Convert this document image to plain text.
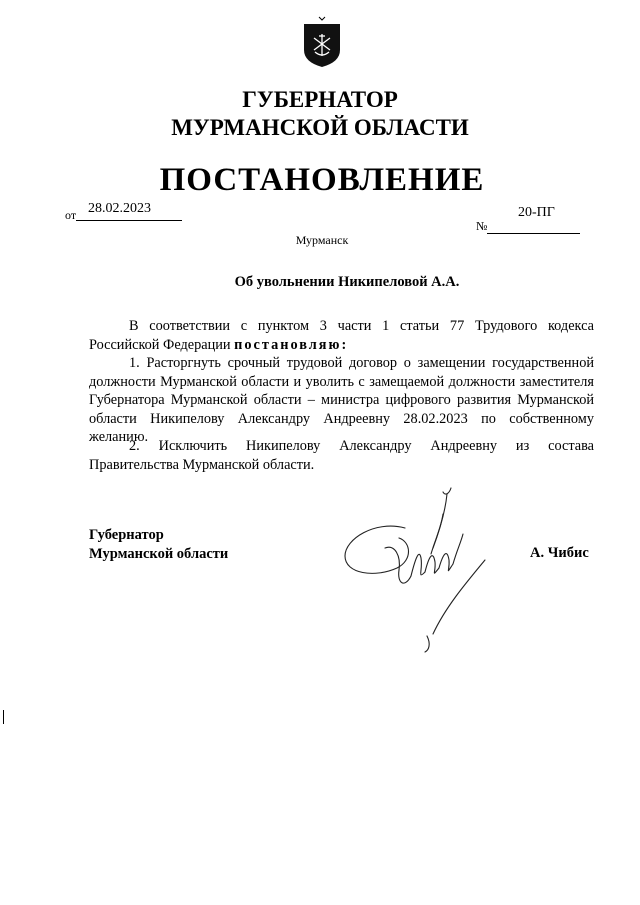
ГУБЕРНАТОР
МУРМАНСКОЙ ОБЛАСТИ
ПОСТАНОВЛЕНИЕ
от 28.02.2023
№
20-ПГ
Мурманск
Об увольнении Никипеловой А.А.
В соответствии с пунктом 3 части 1 статьи 77 Трудового кодекса Российской Федерации постановляю:
1. Расторгнуть срочный трудовой договор о замещении государственной должности Мурманской области и уволить с замещаемой должности заместителя Губернатора Мурманской области – министра цифрового развития Мурманской области Никипелову Александру Андреевну 28.02.2023 по собственному желанию.
2. Исключить Никипелову Александру Андреевну из состава Правительства Мурманской области.
Губернатор
Мурманской области	А. Чибис
